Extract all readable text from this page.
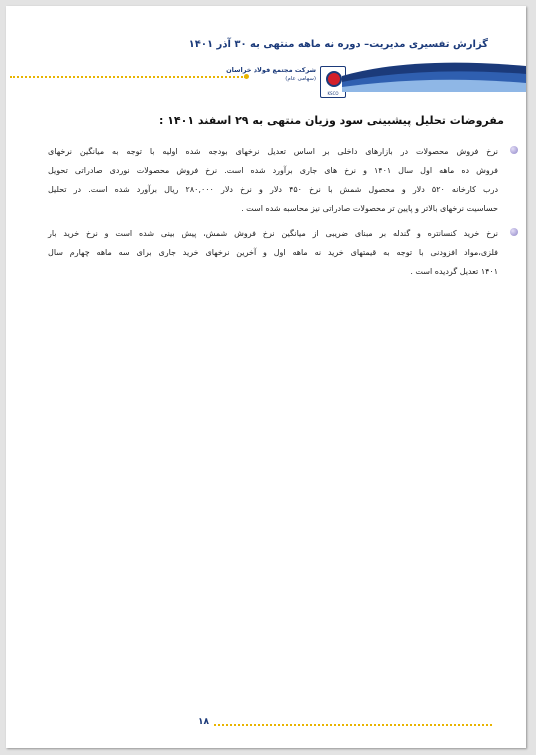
گزارش تفسیری مدیریت– دوره نه ماهه منتهی به ۳۰ آذر ۱۴۰۱
شرکت مجتمع فولاد خراسان
(سهامی عام)
KSCO
مفروضات تحلیل پیشبینی سود وزیان منتهی به ۲۹ اسفند ۱۴۰۱ :
نرخ فروش محصولات در بازارهای داخلی بر اساس تعدیل نرخهای بودجه شده اولیه با توجه به میانگین نرخهای
فروش ده ماهه اول سال ۱۴۰۱ و نرخ های جاری برآورد شده است. نرخ فروش محصولات نوردی صادراتی تحویل
درب کارخانه ۵۲۰ دلار و محصول شمش با نرخ ۴۵۰ دلار و نرخ دلار ۲۸۰,۰۰۰ ریال برآورد شده است. در تحلیل
حساسیت نرخهای بالاتر و پایین تر محصولات صادراتی نیز محاسبه شده است .
نرخ خرید کنسانتره و گندله بر مبنای ضریبی از میانگین نرخ فروش شمش، پیش بینی شده است و نرخ خرید بار
فلزی،مواد افزودنی با توجه به قیمتهای خرید نه ماهه اول و آخرین نرخهای خرید جاری برای سه ماهه چهارم سال
۱۴۰۱ تعدیل گردیده است .
۱۸
